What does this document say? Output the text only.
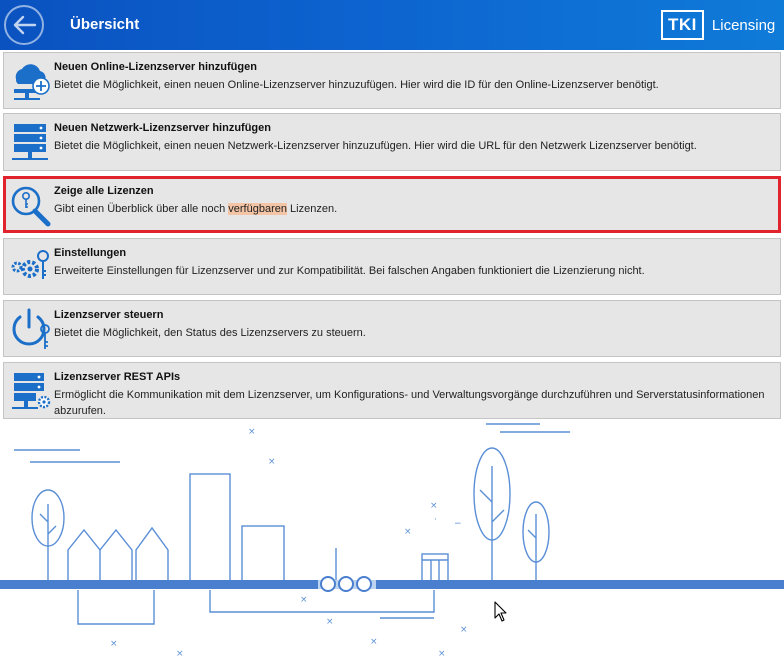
Übersicht	TKI	Licensing
Neuen Online-Lizenzserver hinzufügen
Bietet die Möglichkeit, einen neuen Online-Lizenzserver hinzuzufügen. Hier wird die ID für den Online-Lizenzserver benötigt.
Neuen Netzwerk-Lizenzserver hinzufügen
Bietet die Möglichkeit, einen neuen Netzwerk-Lizenzserver hinzuzufügen. Hier wird die URL für den Netzwerk Lizenzserver benötigt.
Zeige alle Lizenzen
Gibt einen Überblick über alle noch verfügbaren Lizenzen.
Einstellungen
Erweiterte Einstellungen für Lizenzserver und zur Kompatibilität. Bei falschen Angaben funktioniert die Lizenzierung nicht.
Lizenzserver steuern
Bietet die Möglichkeit, den Status des Lizenzservers zu steuern.
Lizenzserver REST APIs
Ermöglicht die Kommunikation mit dem Lizenzserver, um Konfigurations- und Verwaltungsvorgänge durchzuführen und Serverstatusinformationen abzurufen.
×
×
×
×
×
×
×
×
×
×	×
−
·
